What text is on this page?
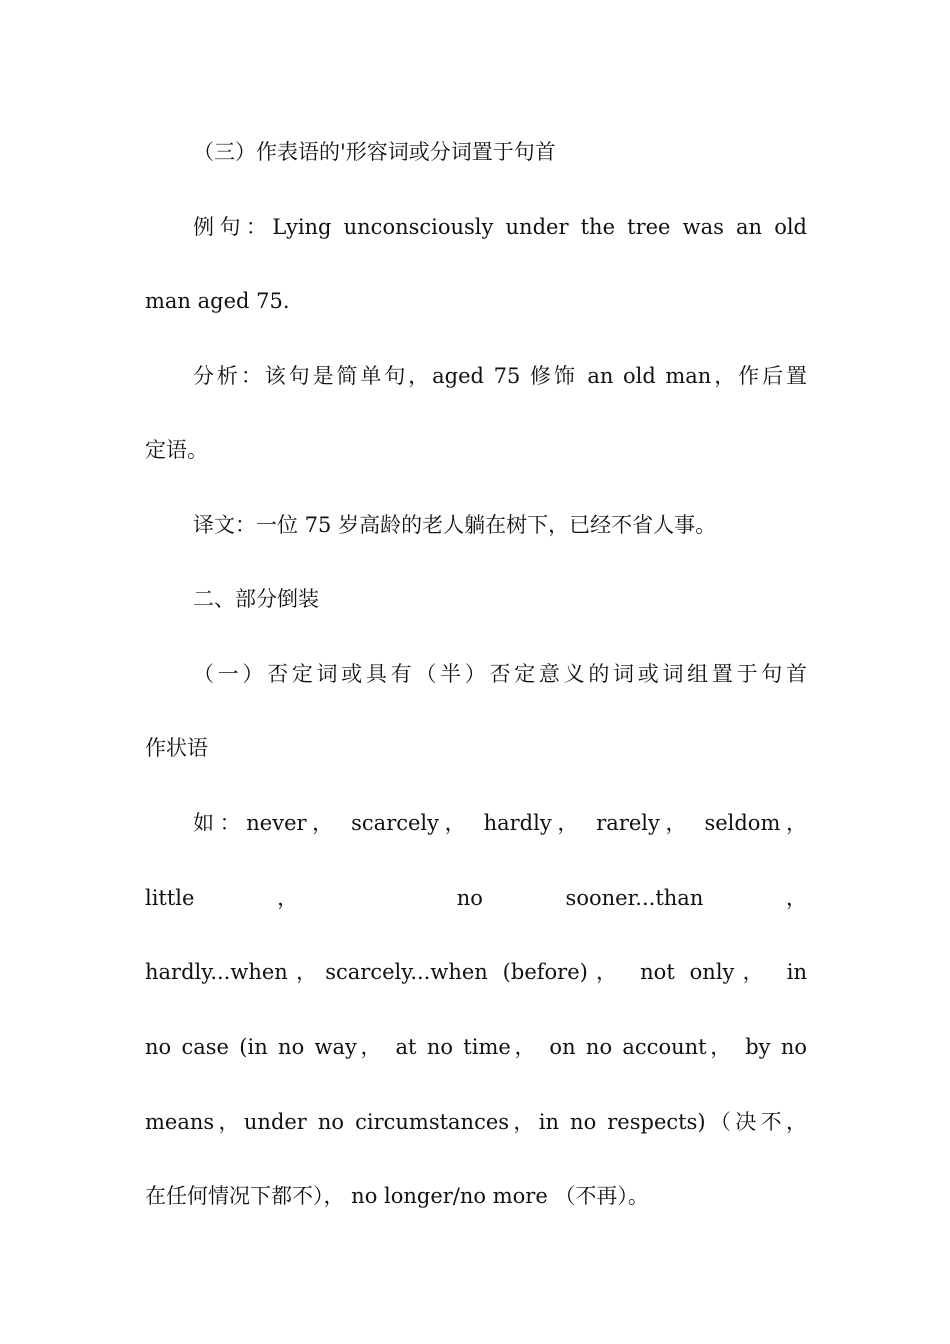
（三）作表语的'形容词或分词置于句首
例句：Lying unconsciously under the tree was an old
man aged 75.
分析：该句是简单句，aged 75 修饰 an old man，作后置
定语。
译文：一位 75 岁高龄的老人躺在树下，已经不省人事。
二、部分倒装
（一）否定词或具有（半）否定意义的词或词组置于句首
作状语
如：never， scarcely， hardly， rarely， seldom，
little ， no sooner...than ，
hardly...when，scarcely...when (before)， not only， in
no case (in no way， at no time， on no account， by no
means，under no circumstances，in no respects)（决不，
在任何情况下都不）， no longer/no more （不再）。
